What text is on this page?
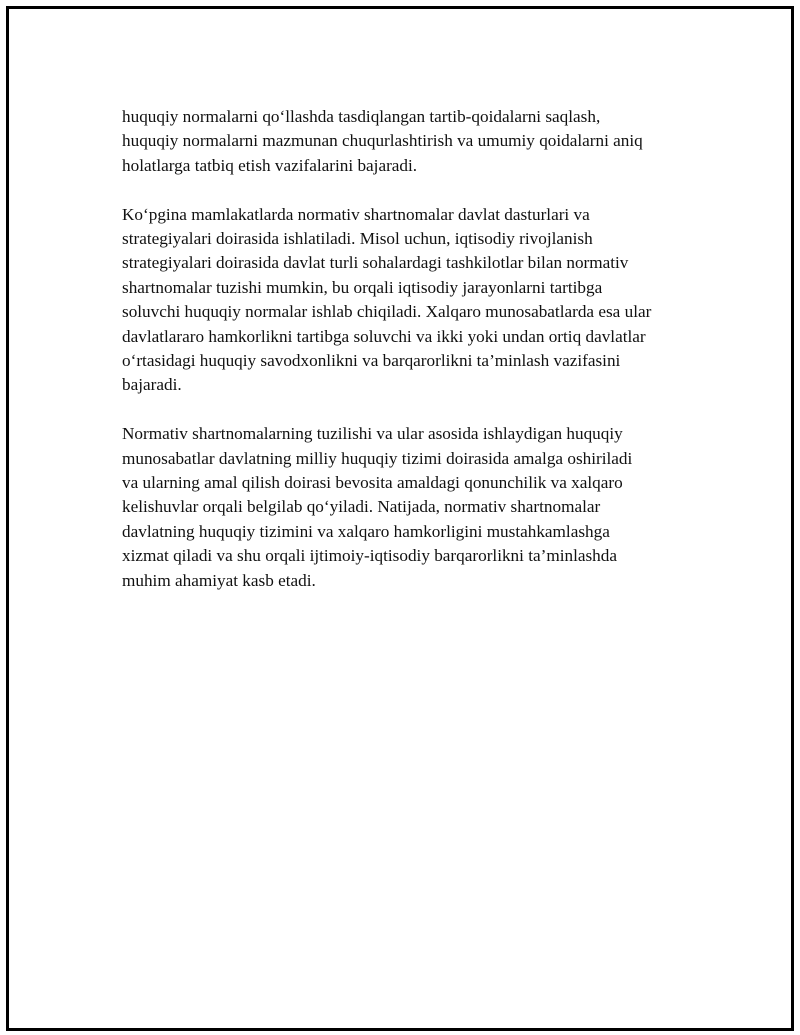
huquqiy normalarni qo‘llashda tasdiqlangan tartib-qoidalarni saqlash,
huquqiy normalarni mazmunan chuqurlashtirish va umumiy qoidalarni aniq
holatlarga tatbiq etish vazifalarini bajaradi.

Ko‘pgina mamlakatlarda normativ shartnomalar davlat dasturlari va
strategiyalari doirasida ishlatiladi. Misol uchun, iqtisodiy rivojlanish
strategiyalari doirasida davlat turli sohalardagi tashkilotlar bilan normativ
shartnomalar tuzishi mumkin, bu orqali iqtisodiy jarayonlarni tartibga
soluvchi huquqiy normalar ishlab chiqiladi. Xalqaro munosabatlarda esa ular
davlatlararo hamkorlikni tartibga soluvchi va ikki yoki undan ortiq davlatlar
o‘rtasidagi huquqiy savodxonlikni va barqarorlikni ta’minlash vazifasini
bajaradi.

Normativ shartnomalarning tuzilishi va ular asosida ishlaydigan huquqiy
munosabatlar davlatning milliy huquqiy tizimi doirasida amalga oshiriladi
va ularning amal qilish doirasi bevosita amaldagi qonunchilik va xalqaro
kelishuvlar orqali belgilab qo‘yiladi. Natijada, normativ shartnomalar
davlatning huquqiy tizimini va xalqaro hamkorligini mustahkamlashga
xizmat qiladi va shu orqali ijtimoiy-iqtisodiy barqarorlikni ta’minlashda
muhim ahamiyat kasb etadi.
